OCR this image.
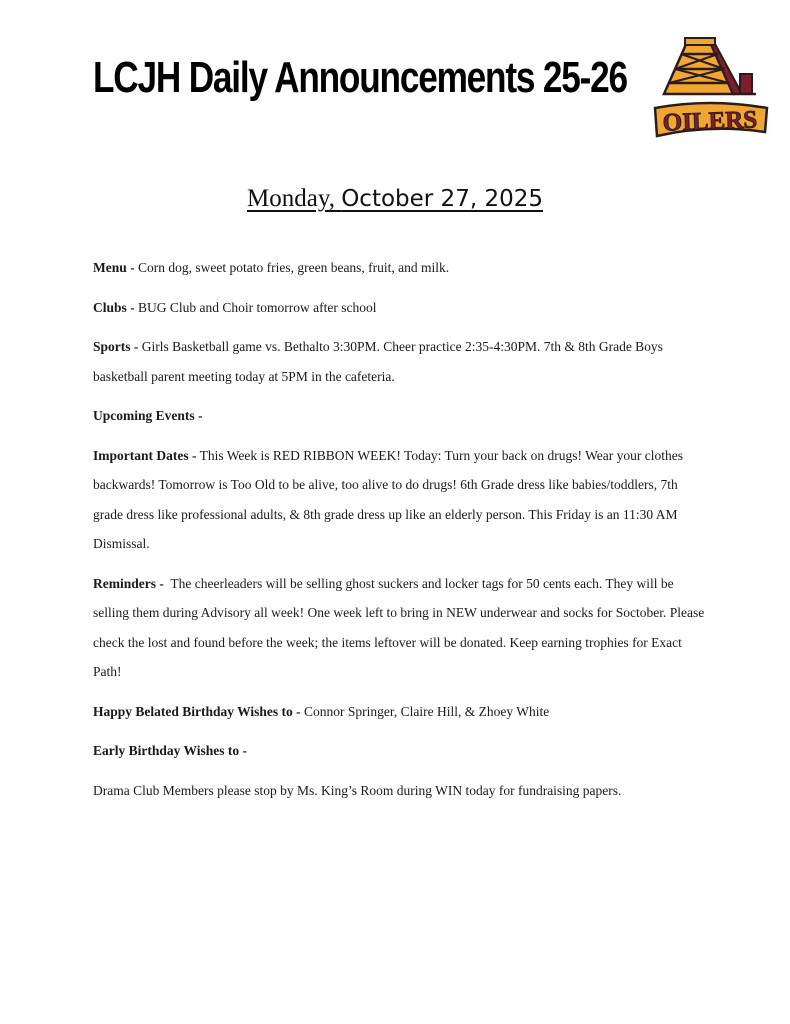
LCJH Daily Announcements 25-26
OILERS
Monday, October 27, 2025

Menu - Corn dog, sweet potato fries, green beans, fruit, and milk.

Clubs - BUG Club and Choir tomorrow after school

Sports - Girls Basketball game vs. Bethalto 3:30PM. Cheer practice 2:35-4:30PM. 7th & 8th Grade Boys basketball parent meeting today at 5PM in the cafeteria.

Upcoming Events -

Important Dates - This Week is RED RIBBON WEEK! Today: Turn your back on drugs! Wear your clothes backwards! Tomorrow is Too Old to be alive, too alive to do drugs! 6th Grade dress like babies/toddlers, 7th grade dress like professional adults, & 8th grade dress up like an elderly person. This Friday is an 11:30 AM Dismissal.

Reminders - The cheerleaders will be selling ghost suckers and locker tags for 50 cents each. They will be selling them during Advisory all week! One week left to bring in NEW underwear and socks for Soctober. Please check the lost and found before the week; the items leftover will be donated. Keep earning trophies for Exact Path!

Happy Belated Birthday Wishes to - Connor Springer, Claire Hill, & Zhoey White

Early Birthday Wishes to -

Drama Club Members please stop by Ms. King’s Room during WIN today for fundraising papers.
